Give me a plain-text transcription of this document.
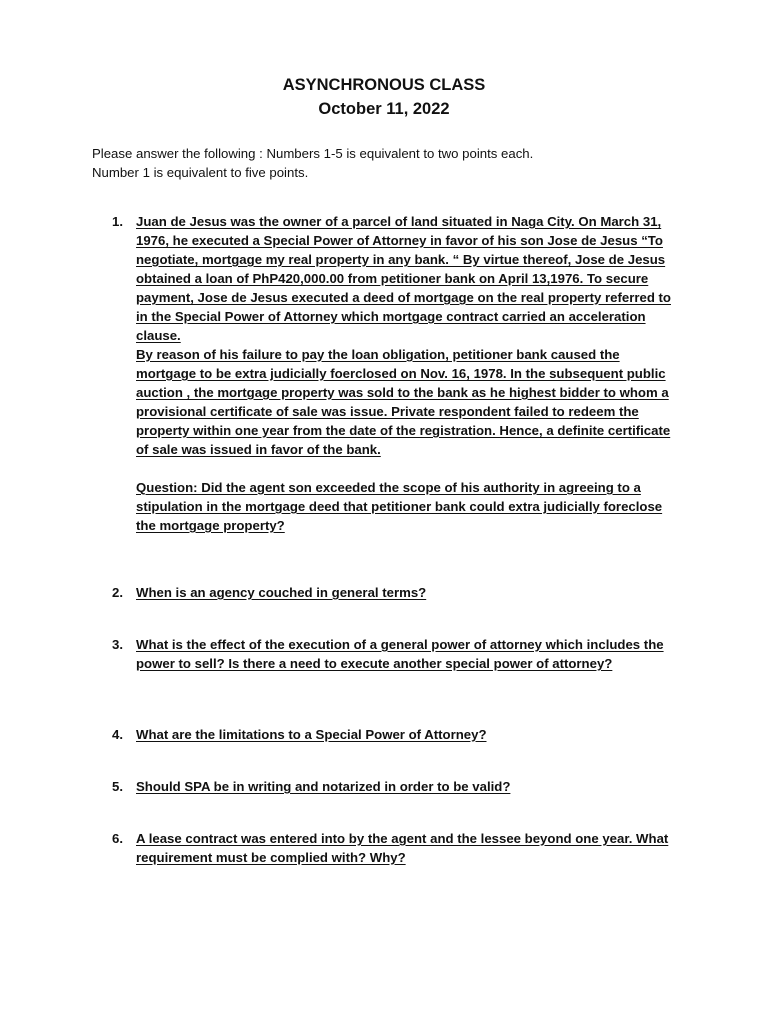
ASYNCHRONOUS CLASS
October 11, 2022
Please answer the following : Numbers 1-5 is equivalent to two points each.
Number 1 is equivalent to five points.
1. Juan de Jesus was the owner of a parcel of land situated in Naga City. On March 31, 1976, he executed a Special Power of Attorney in favor of his son Jose de Jesus “To negotiate, mortgage my real property in any bank. “ By virtue thereof, Jose de Jesus obtained a loan of PhP420,000.00 from petitioner bank on April 13,1976. To secure payment, Jose de Jesus executed a deed of mortgage on the real property referred to in the Special Power of Attorney which mortgage contract carried an acceleration clause.

By reason of his failure to pay the loan obligation, petitioner bank caused the mortgage to be extra judicially foerclosed on Nov. 16, 1978. In the subsequent public auction , the mortgage property was sold to the bank as he highest bidder to whom a provisional certificate of sale was issue. Private respondent failed to redeem the property within one year from the date of the registration. Hence, a definite certificate of sale was issued in favor of the bank.

Question: Did the agent son exceeded the scope of his authority in agreeing to a stipulation in the mortgage deed that petitioner bank could extra judicially foreclose the mortgage property?

2. When is an agency couched in general terms?

3. What is the effect of the execution of a general power of attorney which includes the power to sell? Is there a need to execute another special power of attorney?

4. What are the limitations to a Special Power of Attorney?

5. Should SPA be in writing and notarized in order to be valid?

6. A lease contract was entered into by the agent and the lessee beyond one year. What requirement must be complied with? Why?
